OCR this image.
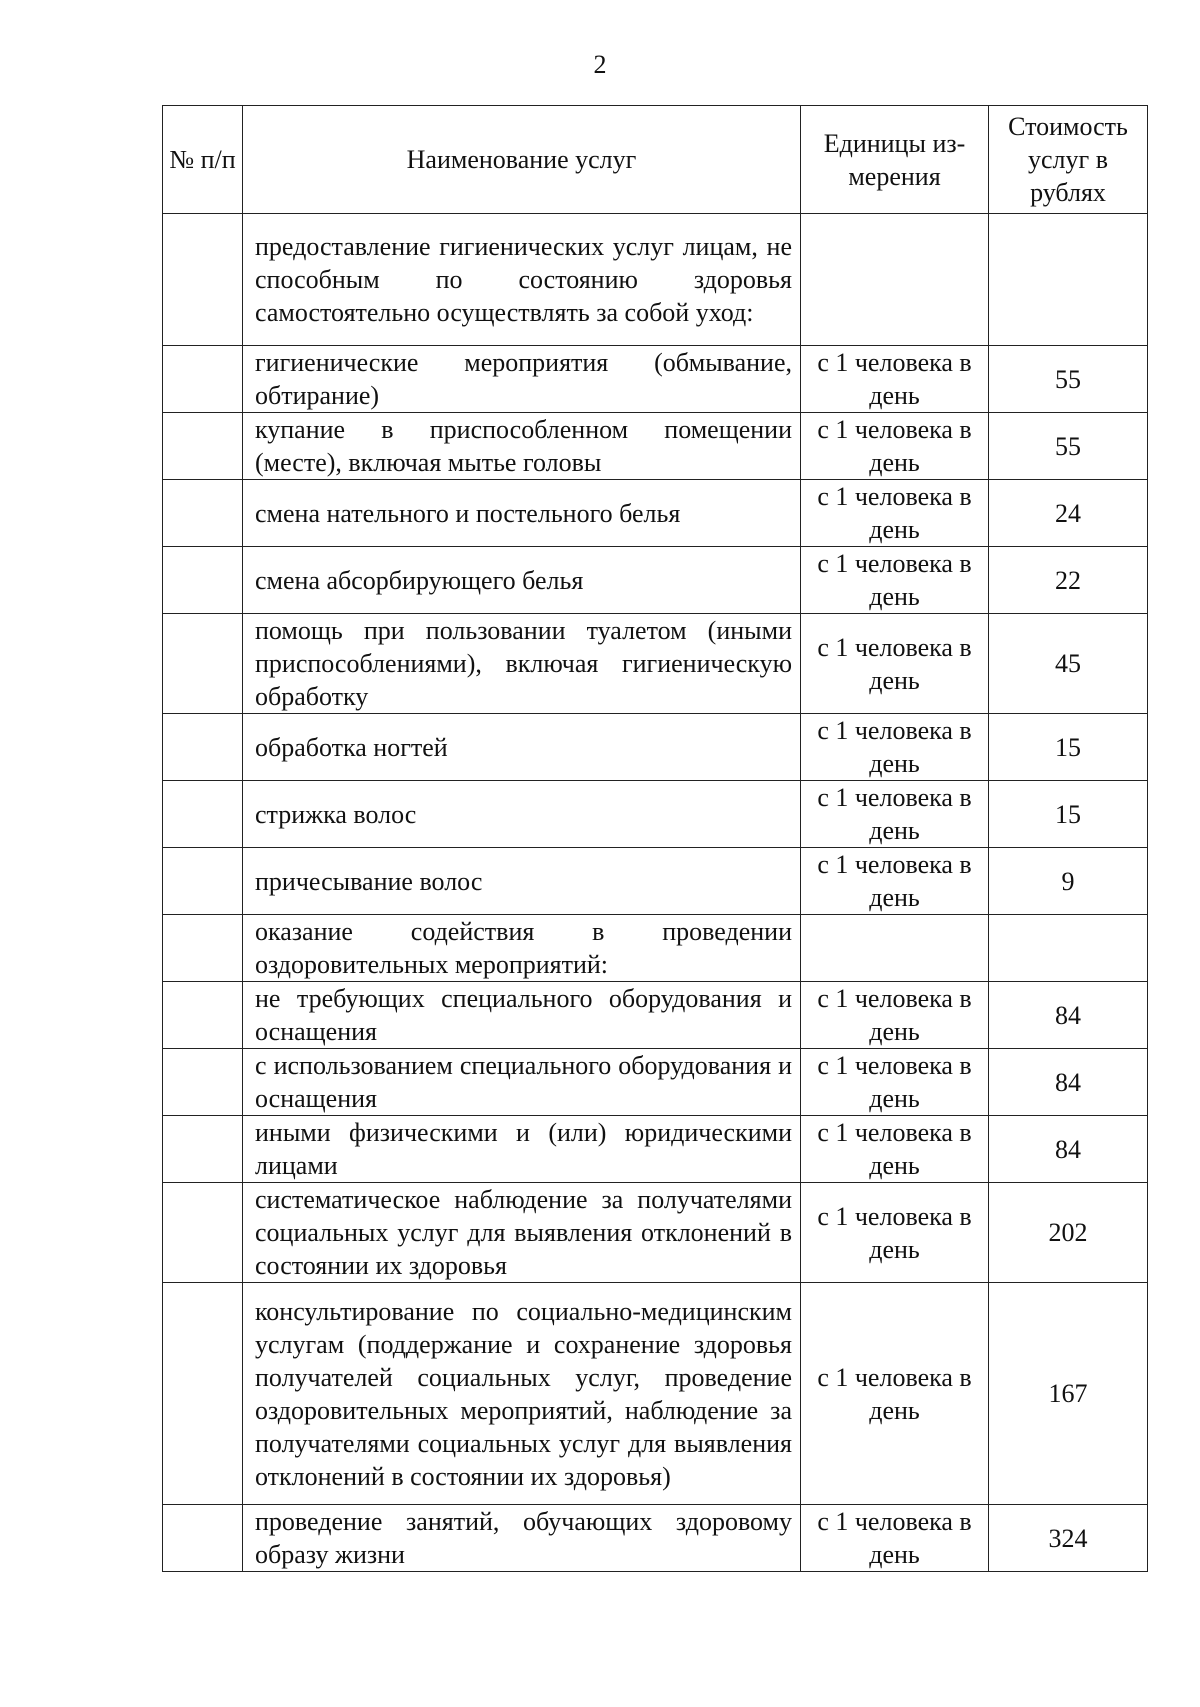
2
№ п/п	Наименование услуг	Единицы из-мерения	Стоимость услуг в рублях
	предоставление гигиенических услуг лицам, не способным по состоянию здоровья самостоятельно осуществлять за собой уход:		
	гигиенические мероприятия (обмывание, обтирание)	с 1 человека в день	55
	купание в приспособленном помещении (месте), включая мытье головы	с 1 человека в день	55
	смена нательного и постельного белья	с 1 человека в день	24
	смена абсорбирующего белья	с 1 человека в день	22
	помощь при пользовании туалетом (иными приспособлениями), включая гигиеническую обработку	с 1 человека в день	45
	обработка ногтей	с 1 человека в день	15
	стрижка волос	с 1 человека в день	15
	причесывание волос	с 1 человека в день	9
	оказание содействия в проведении оздоровительных мероприятий:		
	не требующих специального оборудования и оснащения	с 1 человека в день	84
	с использованием специального оборудования и оснащения	с 1 человека в день	84
	иными физическими и (или) юридическими лицами	с 1 человека в день	84
	систематическое наблюдение за получателями социальных услуг для выявления отклонений в состоянии их здоровья	с 1 человека в день	202
	консультирование по социально-медицинским услугам (поддержание и сохранение здоровья получателей социальных услуг, проведение оздоровительных мероприятий, наблюдение за получателями социальных услуг для выявления отклонений в состоянии их здоровья)	с 1 человека в день	167
	проведение занятий, обучающих здоровому образу жизни	с 1 человека в день	324
